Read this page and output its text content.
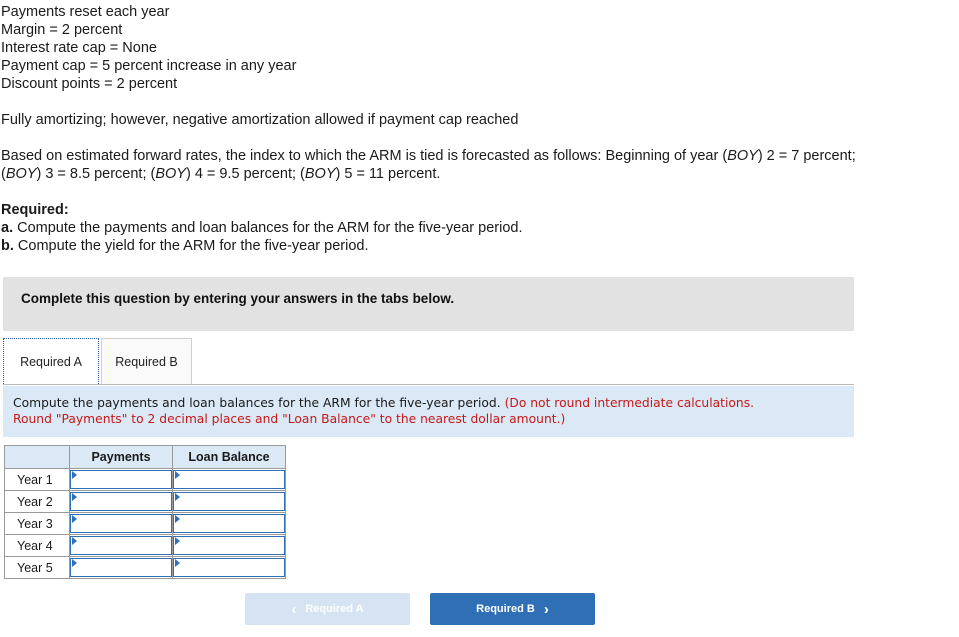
Payments reset each year
Margin = 2 percent
Interest rate cap = None
Payment cap = 5 percent increase in any year
Discount points = 2 percent
Fully amortizing; however, negative amortization allowed if payment cap reached
Based on estimated forward rates, the index to which the ARM is tied is forecasted as follows: Beginning of year (BOY) 2 = 7 percent;
(BOY) 3 = 8.5 percent; (BOY) 4 = 9.5 percent; (BOY) 5 = 11 percent.
Required:
a. Compute the payments and loan balances for the ARM for the five-year period.
b. Compute the yield for the ARM for the five-year period.
Complete this question by entering your answers in the tabs below.
Required A	Required B
Compute the payments and loan balances for the ARM for the five-year period. (Do not round intermediate calculations.
Round "Payments" to 2 decimal places and "Loan Balance" to the nearest dollar amount.)
	Payments	Loan Balance
Year 1	

Year 2	

Year 3	

Year 4	

Year 5	

‹ Required A	Required B ›
